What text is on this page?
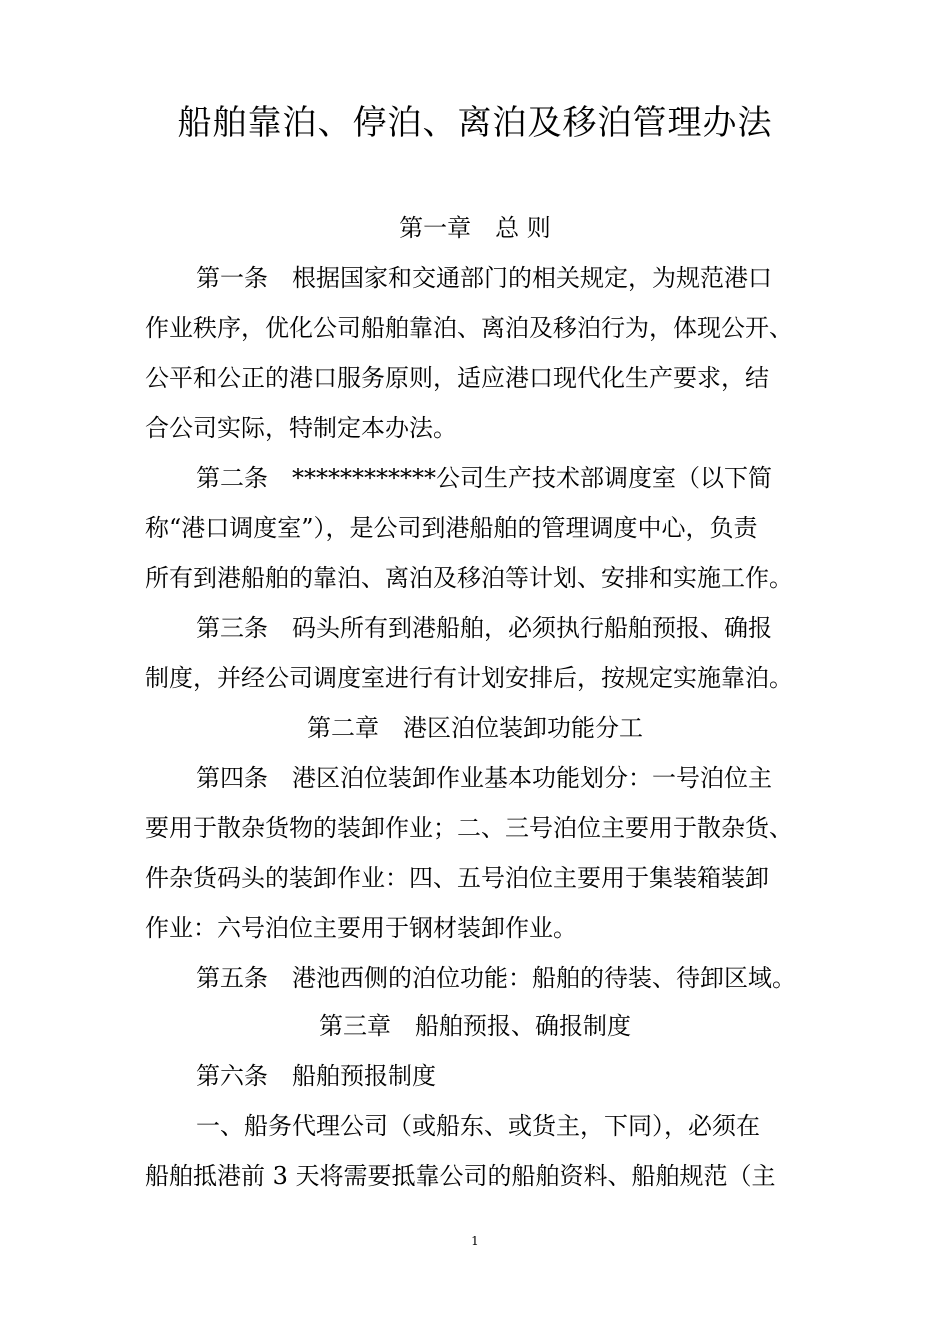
船舶靠泊、停泊、离泊及移泊管理办法
第一章　总 则
第一条　根据国家和交通部门的相关规定，为规范港口
作业秩序，优化公司船舶靠泊、离泊及移泊行为，体现公开、
公平和公正的港口服务原则，适应港口现代化生产要求，结
合公司实际，特制定本办法。
第二条　************公司生产技术部调度室（以下简
称“港口调度室”），是公司到港船舶的管理调度中心，负责
所有到港船舶的靠泊、离泊及移泊等计划、安排和实施工作。
第三条　码头所有到港船舶，必须执行船舶预报、确报
制度，并经公司调度室进行有计划安排后，按规定实施靠泊。
第二章　港区泊位装卸功能分工
第四条　港区泊位装卸作业基本功能划分：一号泊位主
要用于散杂货物的装卸作业；二、三号泊位主要用于散杂货、
件杂货码头的装卸作业：四、五号泊位主要用于集装箱装卸
作业：六号泊位主要用于钢材装卸作业。
第五条　港池西侧的泊位功能：船舶的待装、待卸区域。
第三章　船舶预报、确报制度
第六条　船舶预报制度
一、船务代理公司（或船东、或货主，下同），必须在
船舶抵港前 3 天将需要抵靠公司的船舶资料、船舶规范（主
1
